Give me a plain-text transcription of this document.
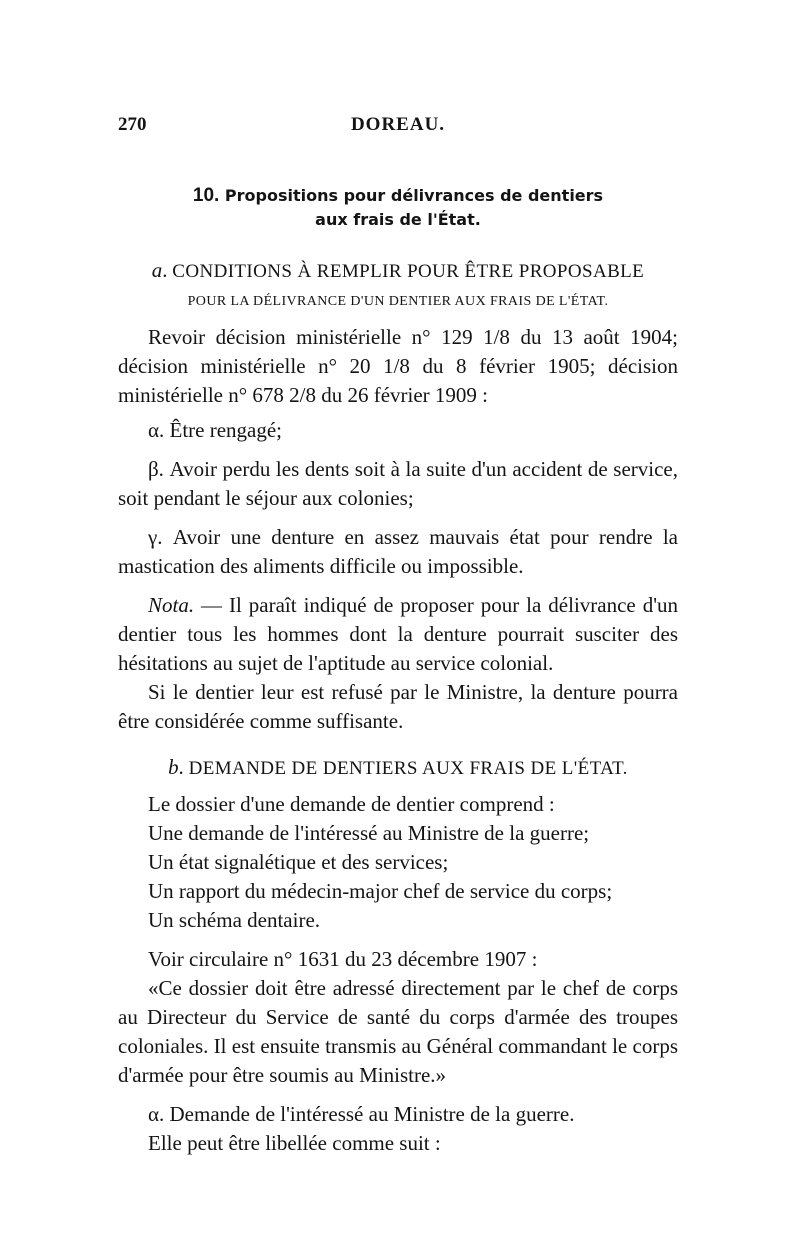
270	DOREAU.
10. Propositions pour délivrances de dentiers
aux frais de l'État.
a. CONDITIONS À REMPLIR POUR ÊTRE PROPOSABLE
POUR LA DÉLIVRANCE D'UN DENTIER AUX FRAIS DE L'ÉTAT.

Revoir décision ministérielle n° 129 1/8 du 13 août 1904; décision ministérielle n° 20 1/8 du 8 février 1905; décision ministérielle n° 678 2/8 du 26 février 1909 :

α. Être rengagé;

β. Avoir perdu les dents soit à la suite d'un accident de service, soit pendant le séjour aux colonies;

γ. Avoir une denture en assez mauvais état pour rendre la mastication des aliments difficile ou impossible.

Nota. — Il paraît indiqué de proposer pour la délivrance d'un dentier tous les hommes dont la denture pourrait susciter des hésitations au sujet de l'aptitude au service colonial.

Si le dentier leur est refusé par le Ministre, la denture pourra être considérée comme suffisante.

b. DEMANDE DE DENTIERS AUX FRAIS DE L'ÉTAT.

Le dossier d'une demande de dentier comprend :

Une demande de l'intéressé au Ministre de la guerre;

Un état signalétique et des services;

Un rapport du médecin-major chef de service du corps;

Un schéma dentaire.

Voir circulaire n° 1631 du 23 décembre 1907 :

«Ce dossier doit être adressé directement par le chef de corps au Directeur du Service de santé du corps d'armée des troupes coloniales. Il est ensuite transmis au Général commandant le corps d'armée pour être soumis au Ministre.»

α. Demande de l'intéressé au Ministre de la guerre.

Elle peut être libellée comme suit :
